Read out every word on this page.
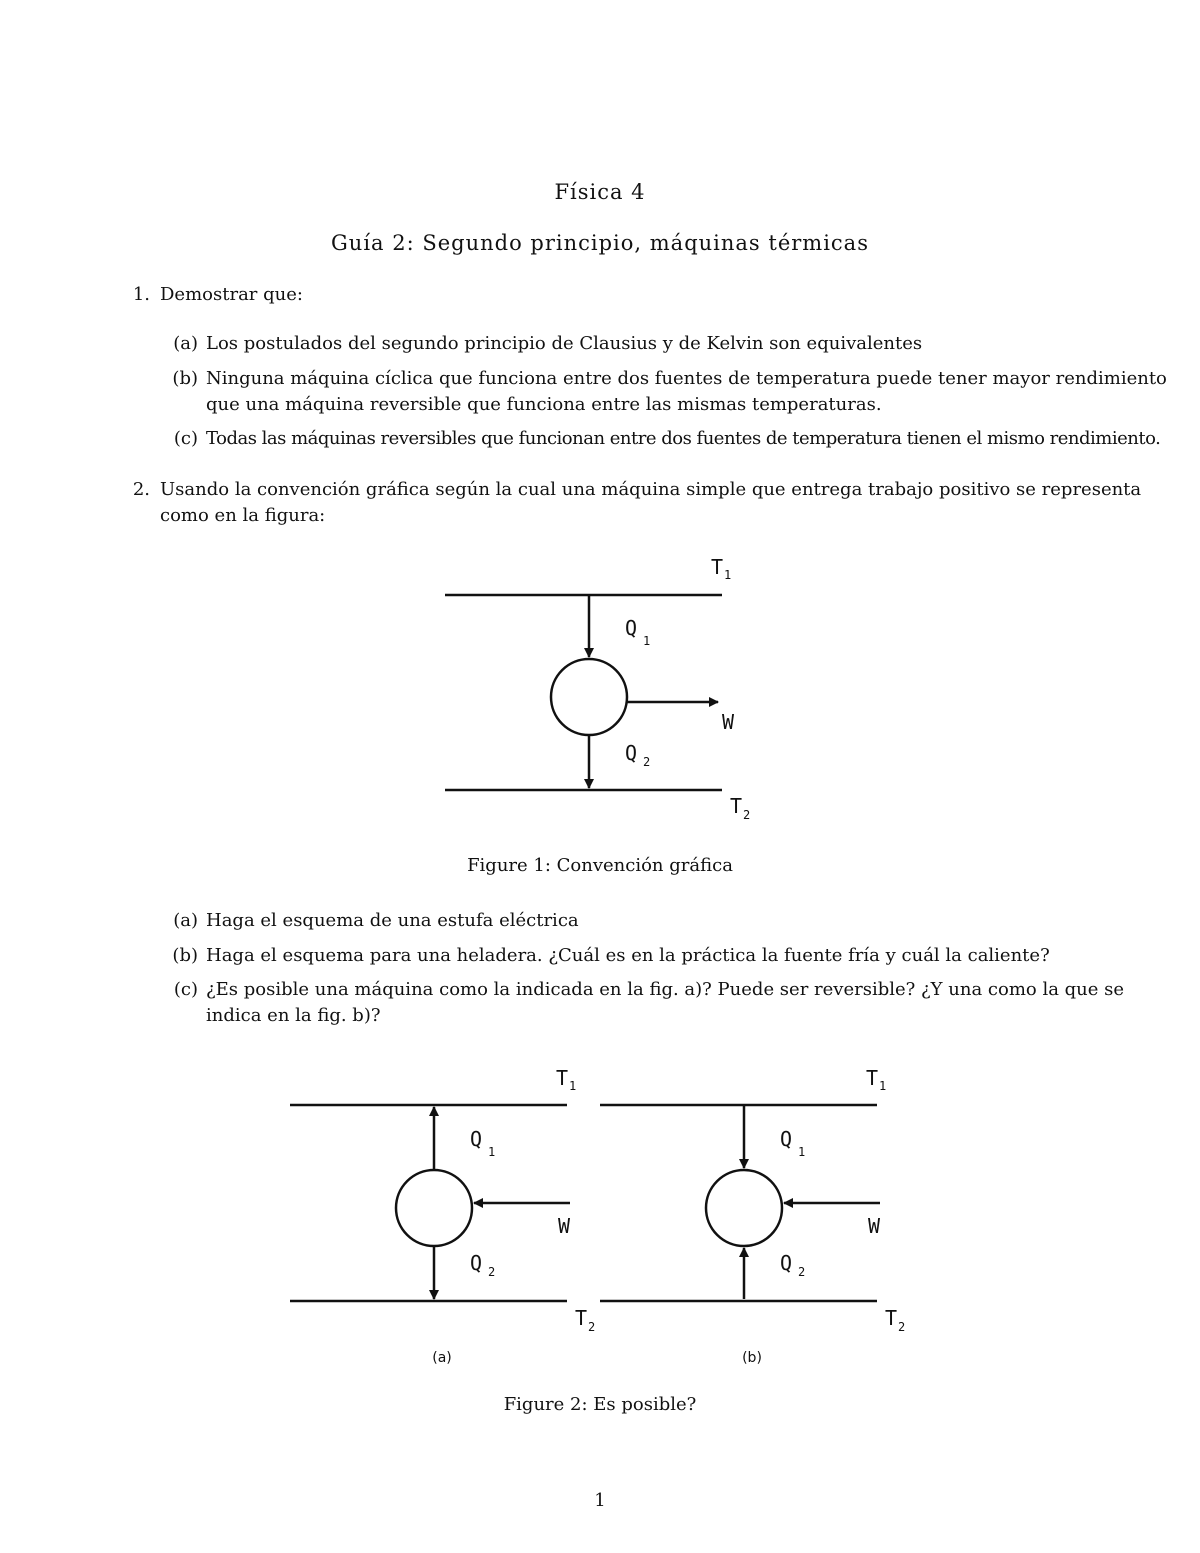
Física 4
Guía 2: Segundo principio, máquinas térmicas
1. Demostrar que:
(a) Los postulados del segundo principio de Clausius y de Kelvin son equivalentes
(b) Ninguna máquina cíclica que funciona entre dos fuentes de temperatura puede tener mayor rendimiento
que una máquina reversible que funciona entre las mismas temperaturas.
(c) Todas las máquinas reversibles que funcionan entre dos fuentes de temperatura tienen el mismo rendimiento.
2. Usando la convención gráfica según la cual una máquina simple que entrega trabajo positivo se representa
como en la figura:
$T_1$
$Q_1$
W
Q $_2$
$T_2$
$T_1$
$Q_1$
W
Q $_2$
$T_2$
$T_1$
$Q_1$
W
Q $_2$
$T_2$
Figure 1: Convención gráfica
(a) Haga el esquema de una estufa eléctrica
(b) Haga el esquema para una heladera. ¿Cuál es en la práctica la fuente fría y cuál la caliente?
(c) ¿Es posible una máquina como la indicada en la fig. a)? Puede ser reversible? ¿Y una como la que se
indica en la fig. b)?
(a)	(b)
Figure 2: Es posible?
1
